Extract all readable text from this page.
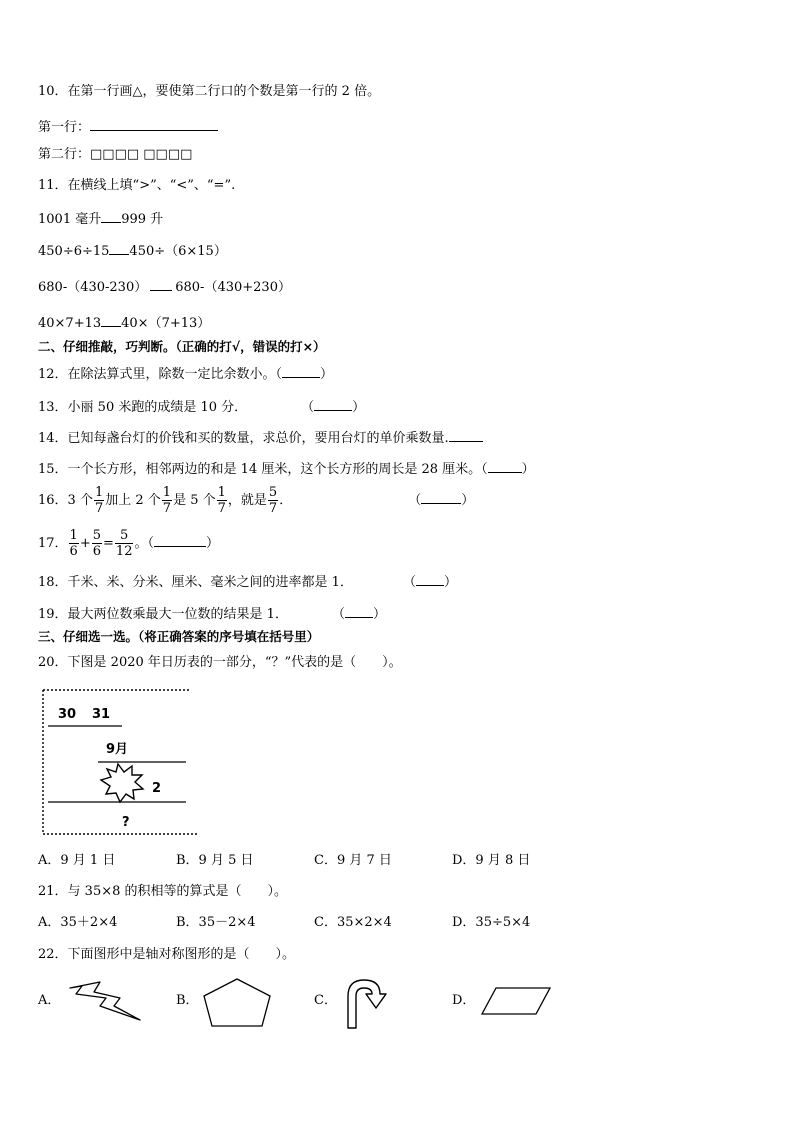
10．在第一行画△，要使第二行口的个数是第一行的 2 倍。
第一行：
第二行：□□□□ □□□□
11．在横线上填“>”、“<”、“=”.
1001 毫升 999 升
450÷6÷15 450÷（6×15）
680-（430-230） 680-（430+230）
40×7+13 40×（7+13）
二、仔细推敲，巧判断。（正确的打√，错误的打×）
12．在除法算式里，除数一定比余数小。（	）
13．小丽 50 米跑的成绩是 10 分．	（	）
14．已知每盏台灯的价钱和买的数量，求总价，要用台灯的单价乘数量.
15．一个长方形，相邻两边的和是 14 厘米，这个长方形的周长是 28 厘米。（	）
16．3 个 $\frac{1}{7}$ 加上 2 个 $\frac{1}{7}$ 是 5 个 $\frac{1}{7}$ ，就是 $\frac{5}{7}$ ．	（	）
17． $\frac{1}{6} + \frac{5}{6} = \frac{5}{12}$ 。（	）
18．千米、米、分米、厘米、毫米之间的进率都是 1．	（ ）
19．最大两位数乘最大一位数的结果是 1．	（ ）
三、仔细选一选。（将正确答案的序号填在括号里）
20．下图是 2020 年日历表的一部分，“？”代表的是（　　）。
30 31
9月
2
?
A．9 月 1 日	B．9 月 5 日	C．9 月 7 日	D．9 月 8 日
21．与 35×8 的积相等的算式是（　　）。
A．35＋2×4	B．35－2×4	C．35×2×4	D．35÷5×4
22．下面图形中是轴对称图形的是（　　）。
A．	B．	C．	D．
